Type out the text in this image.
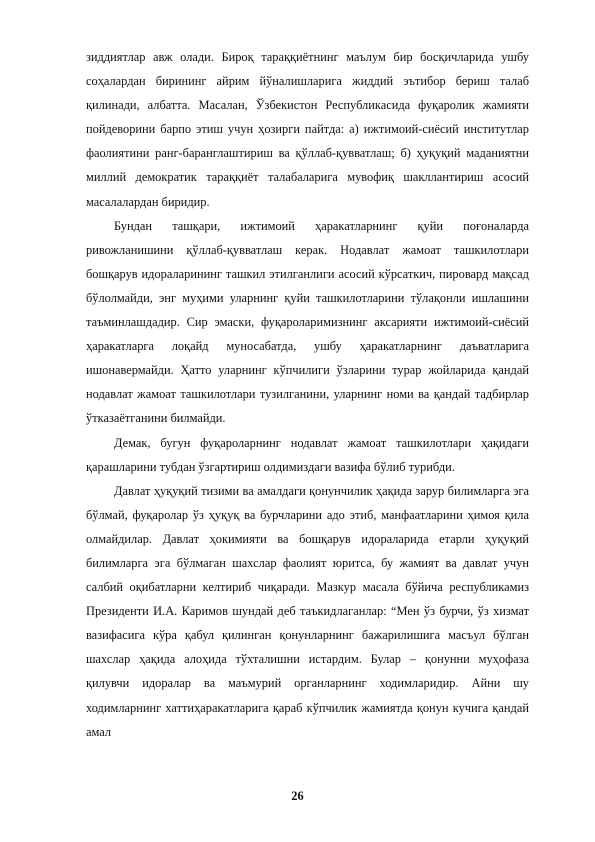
зиддиятлар авж олади. Бироқ тараққиётнинг маълум бир босқичларида ушбу соҳалардан бирининг айрим йўналишларига жиддий эътибор бериш талаб қилинади, албатта. Масалан, Ўзбекистон Республикасида фуқаролик жамияти пойдеворини барпо этиш учун ҳозирги пайтда: а) ижтимоий-сиёсий институтлар фаолиятини ранг-баранглаштириш ва қўллаб-қувватлаш; б) ҳуқуқий маданиятни миллий демократик тараққиёт талабаларига мувофиқ шакллантириш асосий масалалардан биридир.

Бундан ташқари, ижтимоий ҳаракатларнинг қуйи поғоналарда ривожланишини қўллаб-қувватлаш керак. Нодавлат жамоат ташкилотлари бошқарув идораларининг ташкил этилганлиги асосий кўрсаткич, пировард мақсад бўлолмайди, энг муҳими уларнинг қуйи ташкилотларини тўлақонли ишлашини таъминлашдадир. Сир эмаски, фуқароларимизнинг аксарияти ижтимоий-сиёсий ҳаракатларга лоқайд муносабатда, ушбу ҳаракатларнинг даъватларига ишонавермайди. Ҳатто уларнинг кўпчилиги ўзларини турар жойларида қандай нодавлат жамоат ташкилотлари тузилганини, уларнинг номи ва қандай тадбирлар ўтказаётганини билмайди.

Демак, бугун фуқароларнинг нодавлат жамоат ташкилотлари ҳақидаги қарашларини тубдан ўзгартириш олдимиздаги вазифа бўлиб турибди.

Давлат ҳуқуқий тизими ва амалдаги қонунчилик ҳақида зарур билимларга эга бўлмай, фуқаролар ўз ҳуқуқ ва бурчларини адо этиб, манфаатларини ҳимоя қила олмайдилар. Давлат ҳокимияти ва бошқарув идораларида етарли ҳуқуқий билимларга эга бўлмаган шахслар фаолият юритса, бу жамият ва давлат учун салбий оқибатларни келтириб чиқаради. Мазкур масала бўйича республикамиз Президенти И.А. Каримов шундай деб таъкидлаганлар: “Мен ўз бурчи, ўз хизмат вазифасига кўра қабул қилинган қонунларнинг бажарилишига масъул бўлган шахслар ҳақида алоҳида тўхталишни истардим. Булар – қонунни муҳофаза қилувчи идоралар ва маъмурий органларнинг ходимларидир. Айни шу ходимларнинг хаттиҳаракатларига қараб кўпчилик жамиятда қонун кучига қандай амал

26
